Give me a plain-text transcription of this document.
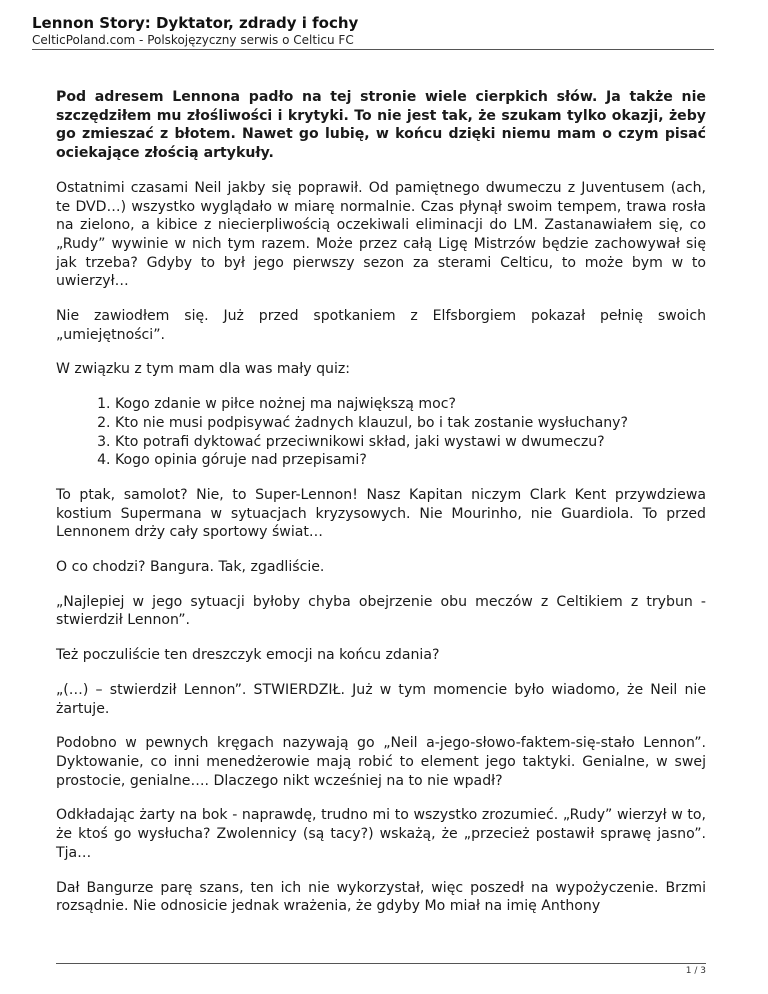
Lennon Story: Dyktator, zdrady i fochy
CelticPoland.com - Polskojęzyczny serwis o Celticu FC

Pod adresem Lennona padło na tej stronie wiele cierpkich słów. Ja także nie szczędziłem mu złośliwości i krytyki. To nie jest tak, że szukam tylko okazji, żeby go zmieszać z błotem. Nawet go lubię, w końcu dzięki niemu mam o czym pisać ociekające złością artykuły.

Ostatnimi czasami Neil jakby się poprawił. Od pamiętnego dwumeczu z Juventusem (ach, te DVD…) wszystko wyglądało w miarę normalnie. Czas płynął swoim tempem, trawa rosła na zielono, a kibice z niecierpliwością oczekiwali eliminacji do LM. Zastanawiałem się, co „Rudy” wywinie w nich tym razem. Może przez całą Ligę Mistrzów będzie zachowywał się jak trzeba? Gdyby to był jego pierwszy sezon za sterami Celticu, to może bym w to uwierzył…

Nie zawiodłem się. Już przed spotkaniem z Elfsborgiem pokazał pełnię swoich „umiejętności”.

W związku z tym mam dla was mały quiz:

1. Kogo zdanie w piłce nożnej ma największą moc?
2. Kto nie musi podpisywać żadnych klauzul, bo i tak zostanie wysłuchany?
3. Kto potrafi dyktować przeciwnikowi skład, jaki wystawi w dwumeczu?
4. Kogo opinia góruje nad przepisami?

To ptak, samolot? Nie, to Super-Lennon! Nasz Kapitan niczym Clark Kent przywdziewa kostium Supermana w sytuacjach kryzysowych. Nie Mourinho, nie Guardiola. To przed Lennonem drży cały sportowy świat…

O co chodzi? Bangura. Tak, zgadliście.

„Najlepiej w jego sytuacji byłoby chyba obejrzenie obu meczów z Celtikiem z trybun - stwierdził Lennon”.

Też poczuliście ten dreszczyk emocji na końcu zdania?

„(…) – stwierdził Lennon”. STWIERDZIŁ. Już w tym momencie było wiadomo, że Neil nie żartuje.

Podobno w pewnych kręgach nazywają go „Neil a-jego-słowo-faktem-się-stało Lennon”. Dyktowanie, co inni menedżerowie mają robić to element jego taktyki. Genialne, w swej prostocie, genialne…. Dlaczego nikt wcześniej na to nie wpadł?

Odkładając żarty na bok - naprawdę, trudno mi to wszystko zrozumieć. „Rudy” wierzył w to, że ktoś go wysłucha? Zwolennicy (są tacy?) wskażą, że „przecież postawił sprawę jasno”. Tja…

Dał Bangurze parę szans, ten ich nie wykorzystał, więc poszedł na wypożyczenie. Brzmi rozsądnie. Nie odnosicie jednak wrażenia, że gdyby Mo miał na imię Anthony

1 / 3
